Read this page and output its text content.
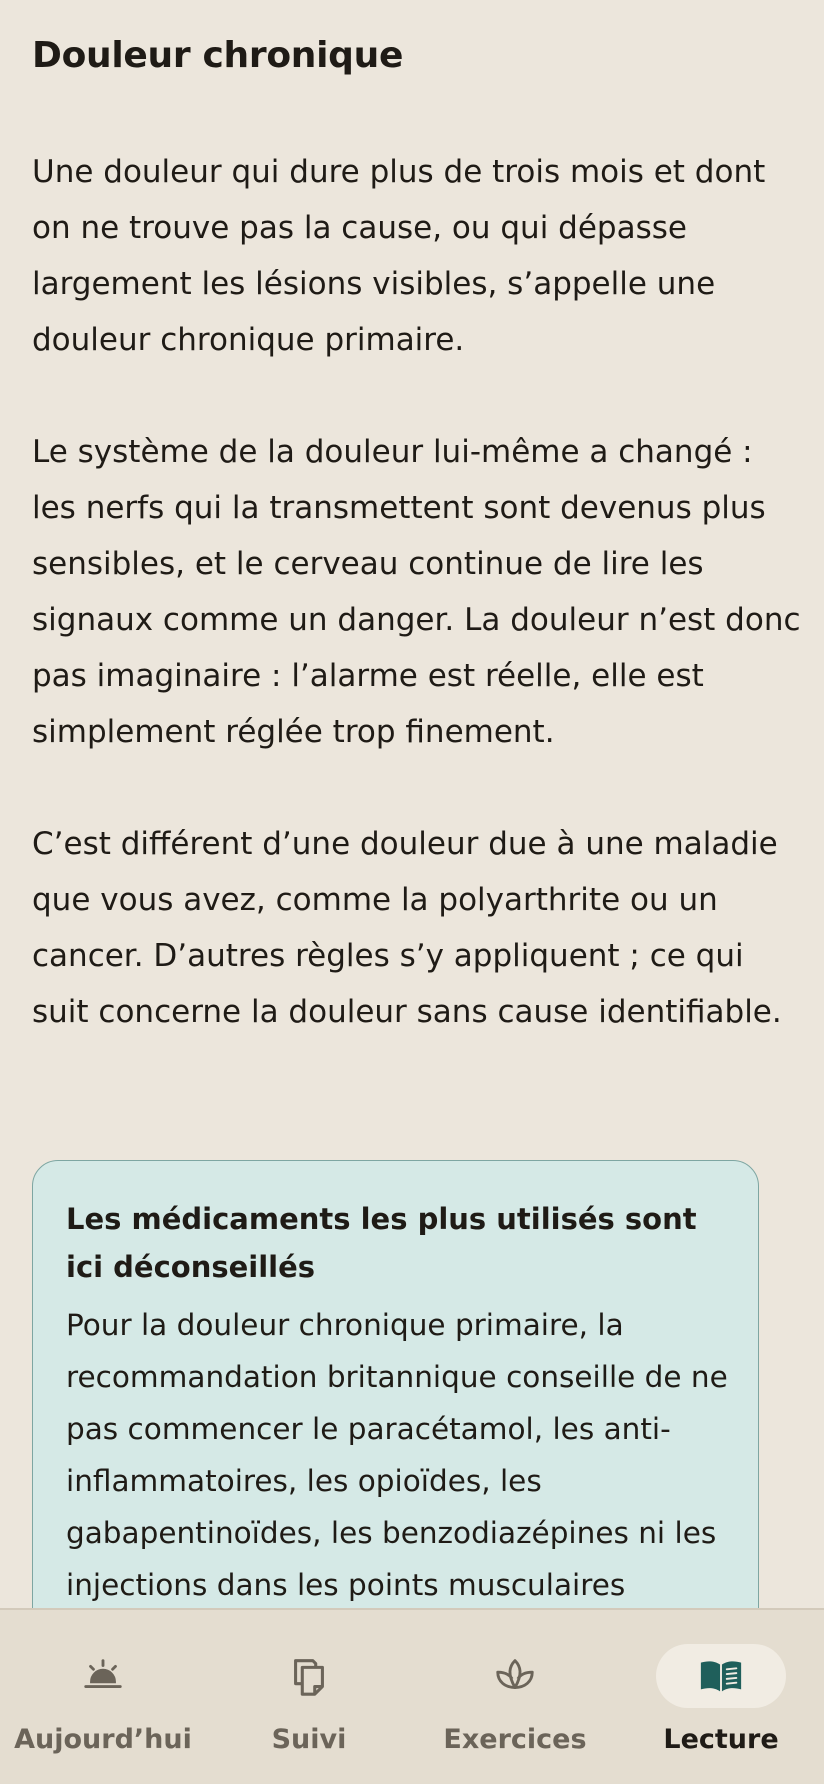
Douleur chronique

Une douleur qui dure plus de trois mois et dont on ne trouve pas la cause, ou qui dépasse largement les lésions visibles, s’appelle une douleur chronique primaire.

Le système de la douleur lui-même a changé : les nerfs qui la transmettent sont devenus plus sensibles, et le cerveau continue de lire les signaux comme un danger. La douleur n’est donc pas imaginaire : l’alarme est réelle, elle est simplement réglée trop finement.

C’est différent d’une douleur due à une maladie que vous avez, comme la polyarthrite ou un cancer. D’autres règles s’y appliquent ; ce qui suit concerne la douleur sans cause identifiable.

Les médicaments les plus utilisés sont ici déconseillés

Pour la douleur chronique primaire, la recommandation britannique conseille de ne pas commencer le paracétamol, les anti-inflammatoires, les opioïdes, les gabapentinoïdes, les benzodiazépines ni les injections dans les points musculaires

Aujourd’hui	Suivi	Exercices	Lecture
